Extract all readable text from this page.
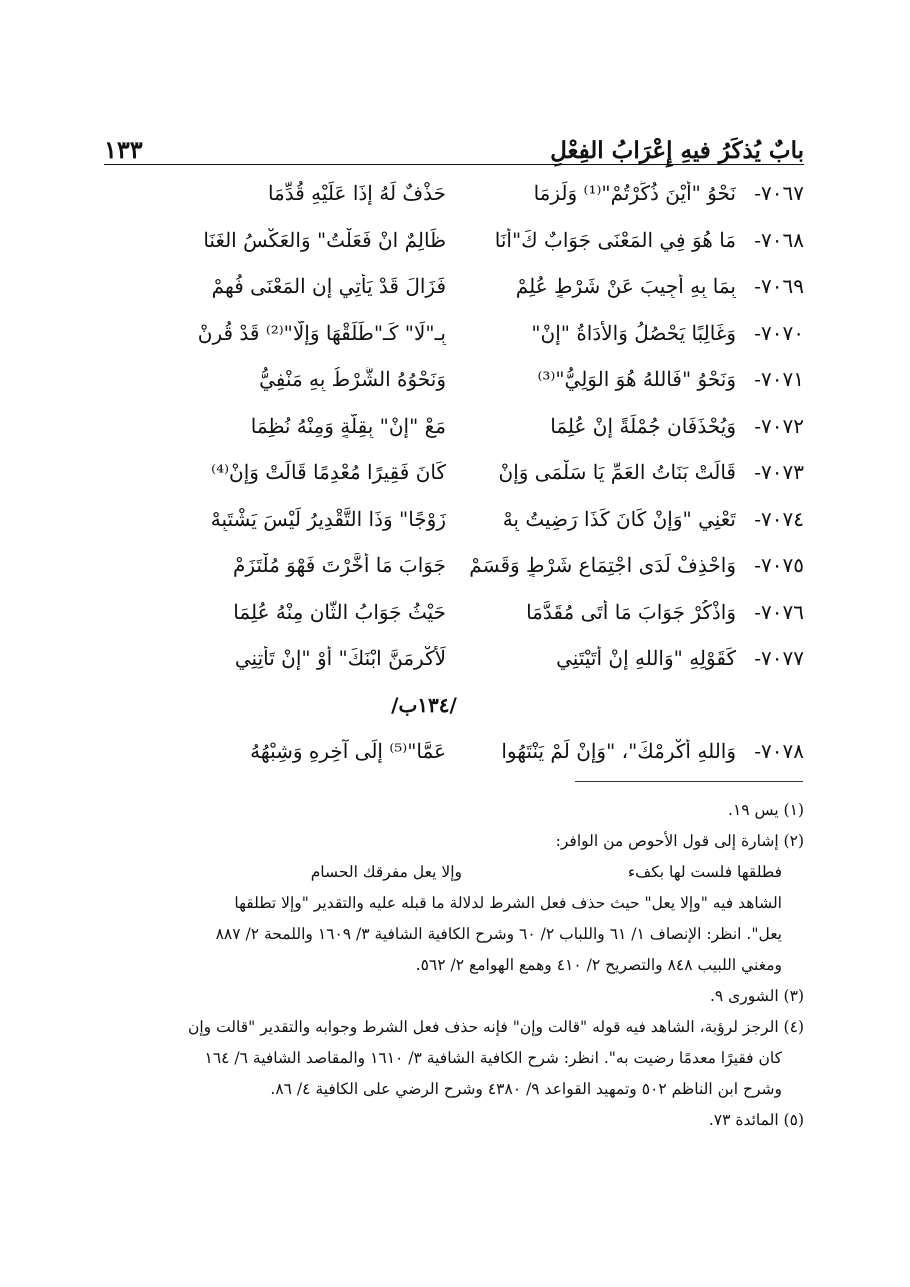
بابٌ يُذكَرُ فيهِ إِعْرَابُ الفِعْلِ
١٣٣
٧٠٦٧-
نَحْوُ "أَيْنَ ذُكِّرْتُمْ"⁽¹⁾ وَلَزِمَا
حَذْفٌ لَهُ إِذَا عَلَيْهِ قُدِّمَا
٧٠٦٨-
مَا هُوَ فِي المَعْنَى جَوَابٌ كَ"أَنَا
ظَالِمٌ انْ فَعَلْتُ" وَالعَكْسُ الغَنَا
٧٠٦٩-
بِمَا بِهِ أُجِيبَ عَنْ شَرْطٍ عُلِمْ
فَزَالَ قَدْ يَأْتِي إِنِ المَعْنَى فُهِمْ
٧٠٧٠-
وَغَالِبًا يَحْصُلُ وَالأَدَاةُ "إِنْ"
بِـ"لَا" كَـ"طَلِّقْهَا وَإِلَّا"⁽²⁾ قَدْ قُرِنْ
٧٠٧١-
وَنَحْوُ "فَاللهُ هُوَ الوَلِيُّ"⁽³⁾
وَنَحْوُهُ الشَّرْطُ بِهِ مَنْفِيُّ
٧٠٧٢-
وَيُحْذَفَانِ جُمْلَةً إِنْ عُلِمَا
مَعْ "إِنْ" بِقِلَّةٍ وَمِنْهُ نُظِمَا
٧٠٧٣-
قَالَتْ بَنَاتُ العَمِّ يَا سَلْمَى وَإِنْ
كَانَ فَقِيرًا مُعْدِمًا قَالَتْ وَإِنْ⁽⁴⁾
٧٠٧٤-
تَعْنِي "وَإِنْ كَانَ كَذَا رَضِيتُ بِهْ
زَوْجًا" وَذَا التَّقْدِيرُ لَيْسَ يَشْتَبِهْ
٧٠٧٥-
وَاحْذِفْ لَدَى اجْتِمَاعِ شَرْطٍ وَقَسَمْ
جَوَابَ مَا أَخَّرْتَ فَهْوَ مُلْتَزَمْ
٧٠٧٦-
وَاذْكُرْ جَوَابَ مَا أَتَى مُقَدَّمَا
حَيْثُ جَوَابُ الثَّانِ مِنْهُ عُلِمَا
٧٠٧٧-
كَقَوْلِهِ "وَاللهِ إِنْ أَتَيْتَنِي
لَأُكْرِمَنَّ ابْنَكَ" أَوْ "إِنْ تَأْتِنِي
/١٣٤ب/
٧٠٧٨-
وَاللهِ أُكْرِمْكَ"، "وَإِنْ لَمْ يَنْتَهُوا
عَمَّا"⁽⁵⁾ إِلَى آخِرِهِ وَشِبْهُهُ
(١) يس ١٩.
(٢) إشارة إلى قول الأحوص من الوافر:
فطلقها فلست لها بكفء
وإلا يعل مفرقك الحسام
الشاهد فيه "وإلا يعل" حيث حذف فعل الشرط لدلالة ما قبله عليه والتقدير "وإلا تطلقها
يعل". انظر: الإنصاف ١/ ٦١ واللباب ٢/ ٦٠ وشرح الكافية الشافية ٣/ ١٦٠٩ واللمحة ٢/ ٨٨٧
ومغني اللبيب ٨٤٨ والتصريح ٢/ ٤١٠ وهمع الهوامع ٢/ ٥٦٢.
(٣) الشورى ٩.
(٤) الرجز لرؤبة، الشاهد فيه قوله "قالت وإن" فإنه حذف فعل الشرط وجوابه والتقدير "قالت وإن
كان فقيرًا معدمًا رضيت به". انظر: شرح الكافية الشافية ٣/ ١٦١٠ والمقاصد الشافية ٦/ ١٦٤
وشرح ابن الناظم ٥٠٢ وتمهيد القواعد ٩/ ٤٣٨٠ وشرح الرضي على الكافية ٤/ ٨٦.
(٥) المائدة ٧٣.
